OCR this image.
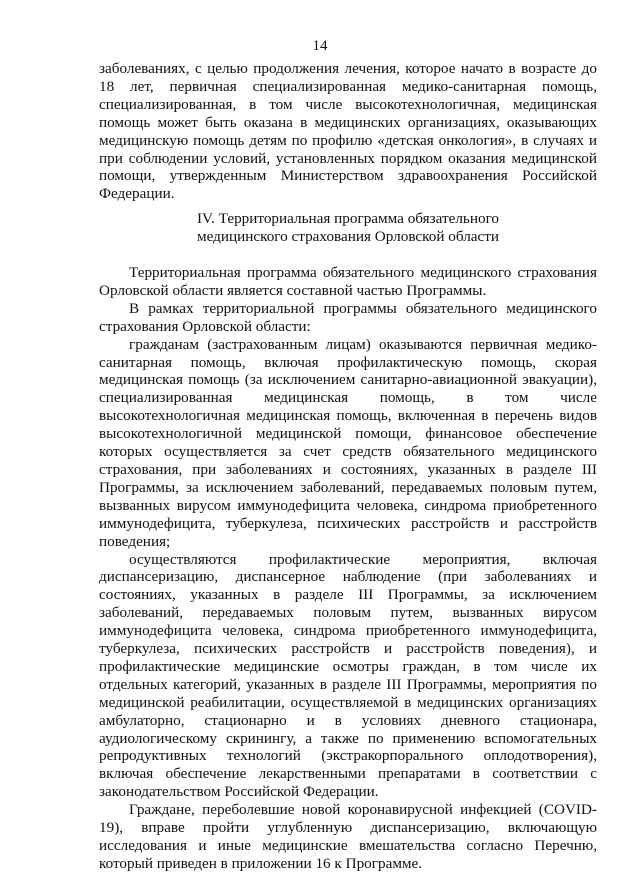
14

заболеваниях, с целью продолжения лечения, которое начато в возрасте до 18 лет, первичная специализированная медико-санитарная помощь, специализированная, в том числе высокотехнологичная, медицинская помощь может быть оказана в медицинских организациях, оказывающих медицинскую помощь детям по профилю «детская онкология», в случаях и при соблюдении условий, установленных порядком оказания медицинской помощи, утвержденным Министерством здравоохранения Российской Федерации.

IV. Территориальная программа обязательного
медицинского страхования Орловской области

Территориальная программа обязательного медицинского страхования Орловской области является составной частью Программы.

В рамках территориальной программы обязательного медицинского страхования Орловской области:

гражданам (застрахованным лицам) оказываются первичная медико-санитарная помощь, включая профилактическую помощь, скорая медицинская помощь (за исключением санитарно-авиационной эвакуации), специализированная медицинская помощь, в том числе высокотехнологичная медицинская помощь, включенная в перечень видов высокотехнологичной медицинской помощи, финансовое обеспечение которых осуществляется за счет средств обязательного медицинского страхования, при заболеваниях и состояниях, указанных в разделе III Программы, за исключением заболеваний, передаваемых половым путем, вызванных вирусом иммунодефицита человека, синдрома приобретенного иммунодефицита, туберкулеза, психических расстройств и расстройств поведения;

осуществляются профилактические мероприятия, включая диспансеризацию, диспансерное наблюдение (при заболеваниях и состояниях, указанных в разделе III Программы, за исключением заболеваний, передаваемых половым путем, вызванных вирусом иммунодефицита человека, синдрома приобретенного иммунодефицита, туберкулеза, психических расстройств и расстройств поведения), и профилактические медицинские осмотры граждан, в том числе их отдельных категорий, указанных в разделе III Программы, мероприятия по медицинской реабилитации, осуществляемой в медицинских организациях амбулаторно, стационарно и в условиях дневного стационара, аудиологическому скринингу, а также по применению вспомогательных репродуктивных технологий (экстракорпорального оплодотворения), включая обеспечение лекарственными препаратами в соответствии с законодательством Российской Федерации.

Граждане, переболевшие новой коронавирусной инфекцией (COVID-19), вправе пройти углубленную диспансеризацию, включающую исследования и иные медицинские вмешательства согласно Перечню, который приведен в приложении 16 к Программе.
